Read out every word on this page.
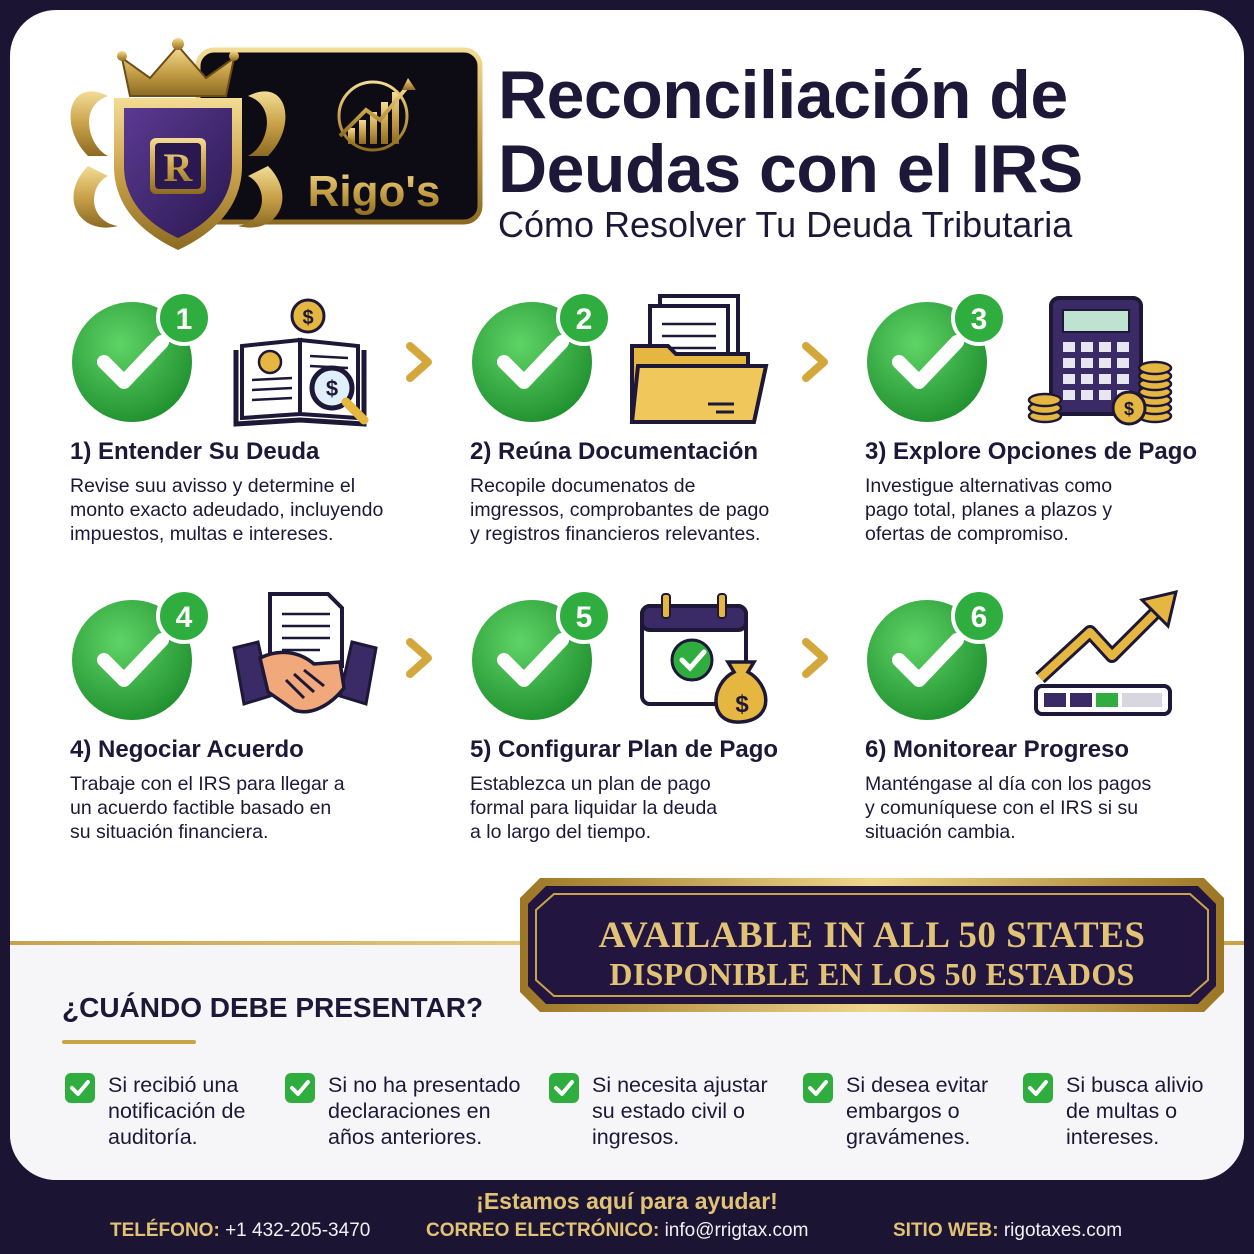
R	Rigo's
Reconciliación de
Deudas con el IRS
Cómo Resolver Tu Deuda Tributaria
1	$
$
1) Entender Su Deuda
Revise suu avisso y determine el
monto exacto adeudado, incluyendo
impuestos, multas e intereses.
2
2) Reúna Documentación
Recopile documenatos de
imgressos, comprobantes de pago
y registros financieros relevantes.
3
$
3) Explore Opciones de Pago
Investigue alternativas como
pago total, planes a plazos y
ofertas de compromiso.
4
4) Negociar Acuerdo
Trabaje con el IRS para llegar a
un acuerdo factible basado en
su situación financiera.
5
$
5) Configurar Plan de Pago
Establezca un plan de pago
formal para liquidar la deuda
a lo largo del tiempo.
6
6) Monitorear Progreso
Manténgase al día con los pagos
y comuníquese con el IRS si su
situación cambia.
AVAILABLE IN ALL 50 STATES
DISPONIBLE EN LOS 50 ESTADOS
¿CUÁNDO DEBE PRESENTAR?
Si recibió una
notificación de
auditoría.
Si no ha presentado
declaraciones en
años anteriores.
Si necesita ajustar
su estado civil o
ingresos.
Si desea evitar
embargos o
gravámenes.
Si busca alivio
de multas o
intereses.
¡Estamos aquí para ayudar!
TELÉFONO: +1 432-205-3470	CORREO ELECTRÓNICO: info@rrigtax.com	SITIO WEB: rigotaxes.com
